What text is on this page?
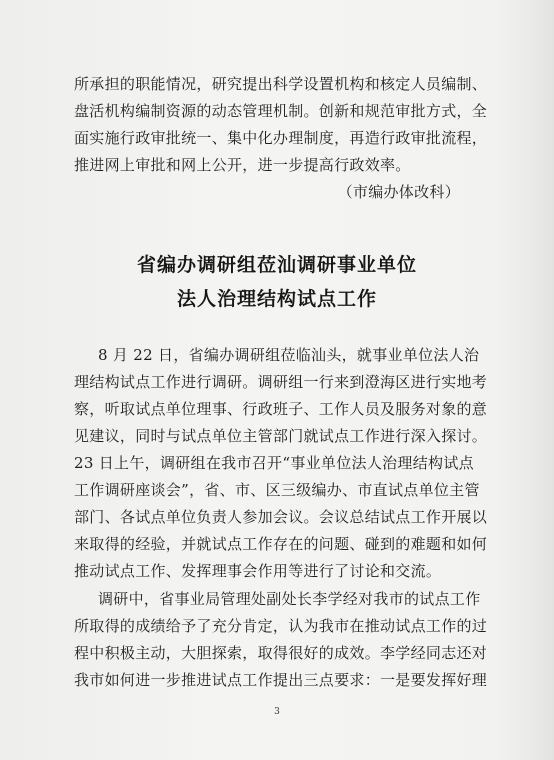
所承担的职能情况，研究提出科学设置机构和核定人员编制、
盘活机构编制资源的动态管理机制。创新和规范审批方式，全
面实施行政审批统一、集中化办理制度，再造行政审批流程，
推进网上审批和网上公开，进一步提高行政效率。
（市编办体改科）
省编办调研组莅汕调研事业单位
法人治理结构试点工作
8 月 22 日，省编办调研组莅临汕头，就事业单位法人治
理结构试点工作进行调研。调研组一行来到澄海区进行实地考
察，听取试点单位理事、行政班子、工作人员及服务对象的意
见建议，同时与试点单位主管部门就试点工作进行深入探讨。
23 日上午，调研组在我市召开“事业单位法人治理结构试点
工作调研座谈会”，省、市、区三级编办、市直试点单位主管
部门、各试点单位负责人参加会议。会议总结试点工作开展以
来取得的经验，并就试点工作存在的问题、碰到的难题和如何
推动试点工作、发挥理事会作用等进行了讨论和交流。
调研中，省事业局管理处副处长李学经对我市的试点工作
所取得的成绩给予了充分肯定，认为我市在推动试点工作的过
程中积极主动，大胆探索，取得很好的成效。李学经同志还对
我市如何进一步推进试点工作提出三点要求：一是要发挥好理
3
